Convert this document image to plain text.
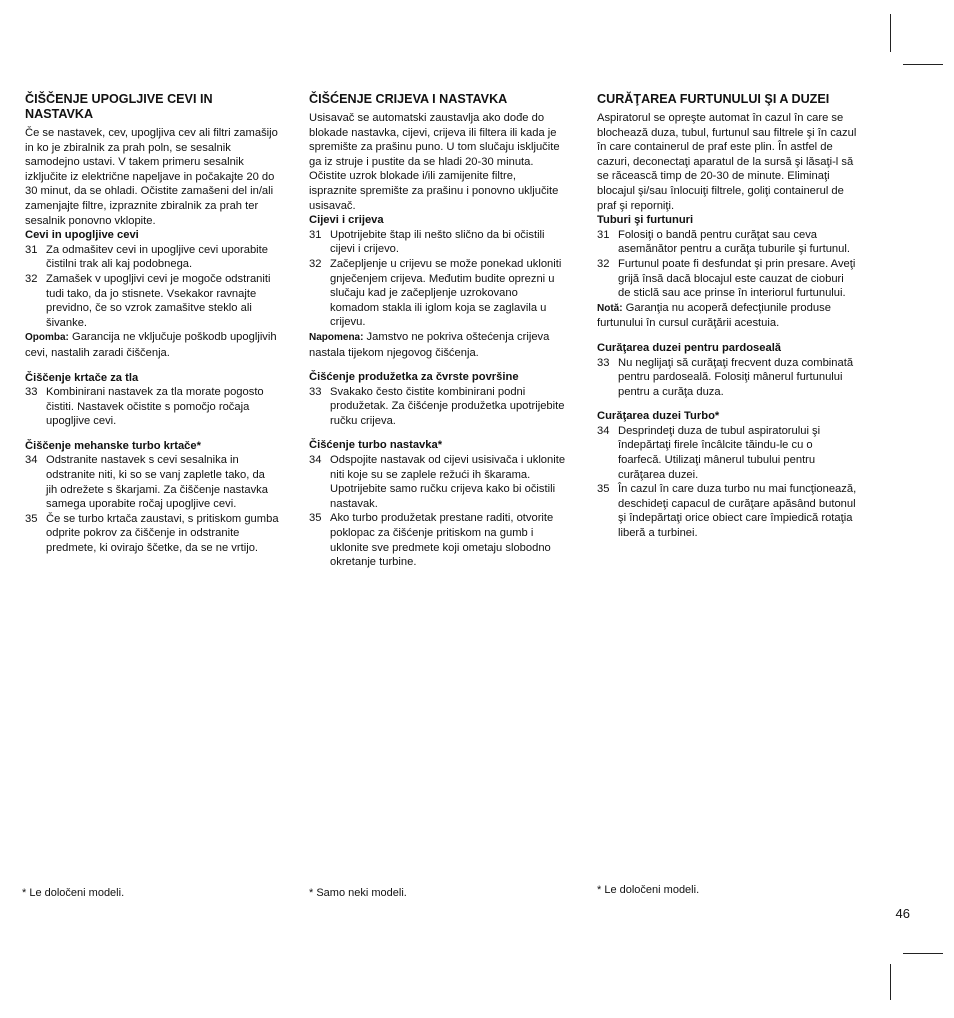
ČIŠČENJE UPOGLJIVE CEVI IN NASTAVKA

Če se nastavek, cev, upogljiva cev ali filtri zamašijo in ko je zbiralnik za prah poln, se sesalnik samodejno ustavi. V takem primeru sesalnik izključite iz električne napeljave in počakajte 20 do 30 minut, da se ohladi. Očistite zamašeni del in/ali zamenjajte filtre, izpraznite zbiralnik za prah ter sesalnik ponovno vklopite.

Cevi in upogljive cevi
31 Za odmašitev cevi in upogljive cevi uporabite čistilni trak ali kaj podobnega.
32 Zamašek v upogljivi cevi je mogoče odstraniti tudi tako, da jo stisnete. Vsekakor ravnajte previdno, če so vzrok zamašitve steklo ali šivanke.

Opomba: Garancija ne vključuje poškodb upogljivih cevi, nastalih zaradi čiščenja.

Čiščenje krtače za tla
33 Kombinirani nastavek za tla morate pogosto čistiti. Nastavek očistite s pomočjo ročaja upogljive cevi.
Čiščenje mehanske turbo krtače*
34 Odstranite nastavek s cevi sesalnika in odstranite niti, ki so se vanj zapletle tako, da jih odrežete s škarjami. Za čiščenje nastavka samega uporabite ročaj upogljive cevi.
35 Če se turbo krtača zaustavi, s pritiskom gumba odprite pokrov za čiščenje in odstranite predmete, ki ovirajo ščetke, da se ne vrtijo.
ČIŠĆENJE CRIJEVA I NASTAVKA

Usisavač se automatski zaustavlja ako dođe do blokade nastavka, cijevi, crijeva ili filtera ili kada je spremište za prašinu puno. U tom slučaju isključite ga iz struje i pustite da se hladi 20-30 minuta. Očistite uzrok blokade i/ili zamijenite filtre, ispraznite spremište za prašinu i ponovno uključite usisavač.

Cijevi i crijeva
31 Upotrijebite štap ili nešto slično da bi očistili cijevi i crijevo.
32 Začepljenje u crijevu se može ponekad ukloniti gnječenjem crijeva. Međutim budite oprezni u slučaju kad je začepljenje uzrokovano komadom stakla ili iglom koja se zaglavila u crijevu.

Napomena: Jamstvo ne pokriva oštećenja crijeva nastala tijekom njegovog čišćenja.

Čišćenje produžetka za čvrste površine
33 Svakako često čistite kombinirani podni produžetak. Za čišćenje produžetka upotrijebite ručku crijeva.
Čišćenje turbo nastavka*
34 Odspojite nastavak od cijevi usisivača i uklonite niti koje su se zaplele režući ih škarama. Upotrijebite samo ručku crijeva kako bi očistili nastavak.
35 Ako turbo produžetak prestane raditi, otvorite poklopac za čišćenje pritiskom na gumb i uklonite sve predmete koji ometaju slobodno okretanje turbine.
CURĂŢAREA FURTUNULUI ŞI A DUZEI

Aspiratorul se opreşte automat în cazul în care se blochează duza, tubul, furtunul sau filtrele şi în cazul în care containerul de praf este plin. În astfel de cazuri, deconectaţi aparatul de la sursă şi lăsaţi-l să se răcească timp de 20-30 de minute. Eliminaţi blocajul şi/sau înlocuiţi filtrele, goliţi containerul de praf şi reporniţi.

Tuburi şi furtunuri
31 Folosiţi o bandă pentru curăţat sau ceva asemănător pentru a curăţa tuburile şi furtunul.
32 Furtunul poate fi desfundat şi prin presare. Aveţi grijă însă dacă blocajul este cauzat de cioburi de sticlă sau ace prinse în interiorul furtunului.

Notă: Garanţia nu acoperă defecţiunile produse furtunului în cursul curăţării acestuia.

Curăţarea duzei pentru pardoseală
33 Nu neglijaţi să curăţaţi frecvent duza combinată pentru pardoseală. Folosiţi mânerul furtunului pentru a curăţa duza.
Curăţarea duzei Turbo*
34 Desprindeţi duza de tubul aspiratorului şi îndepărtaţi firele încâlcite tăindu-le cu o foarfecă. Utilizaţi mânerul tubului pentru curăţarea duzei.
35 În cazul în care duza turbo nu mai funcţionează, deschideţi capacul de curăţare apăsând butonul şi îndepărtaţi orice obiect care împiedică rotaţia liberă a turbinei.
* Le določeni modeli.	* Samo neki modeli.	* Le določeni modeli.
46
